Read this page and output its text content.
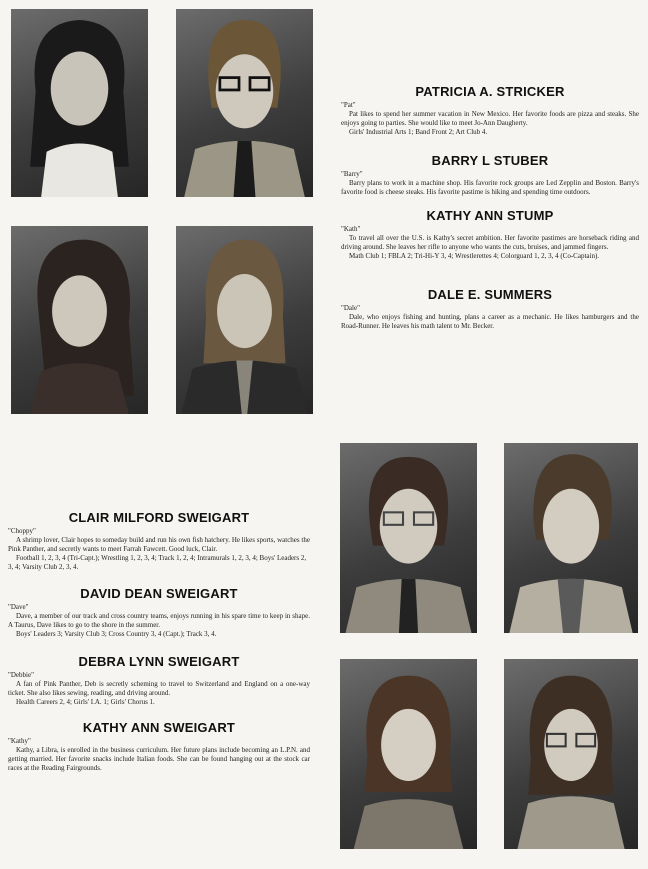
PATRICIA A. STRICKER

"Pat"

Pat likes to spend her summer vacation in New Mexico. Her favorite foods are pizza and steaks. She enjoys going to parties. She would like to meet Jo-Ann Daugherty.

Girls' Industrial Arts 1; Band Front 2; Art Club 4.

BARRY L STUBER

"Barry"

Barry plans to work in a machine shop. His favorite rock groups are Led Zepplin and Boston. Barry's favorite food is cheese steaks. His favorite pastime is hiking and spending time outdoors.

KATHY ANN STUMP

"Kath"

To travel all over the U.S. is Kathy's secret ambition. Her favorite pastimes are horseback riding and driving around. She leaves her rifle to anyone who wants the cuts, bruises, and jammed fingers.

Math Club 1; FBLA 2; Tri-Hi-Y 3, 4; Wrestlerettes 4; Colorguard 1, 2, 3, 4 (Co-Captain).

DALE E. SUMMERS

"Dale"

Dale, who enjoys fishing and hunting, plans a career as a mechanic. He likes hamburgers and the Road-Runner. He leaves his math talent to Mr. Becker.

CLAIR MILFORD SWEIGART

"Choppy"

A shrimp lover, Clair hopes to someday build and run his own fish hatchery. He likes sports, watches the Pink Panther, and secretly wants to meet Farrah Fawcett. Good luck, Clair.

Football 1, 2, 3, 4 (Tri-Capt.); Wrestling 1, 2, 3, 4; Track 1, 2, 4; Intramurals 1, 2, 3, 4; Boys' Leaders 2, 3, 4; Varsity Club 2, 3, 4.

DAVID DEAN SWEIGART

"Dave"

Dave, a member of our track and cross country teams, enjoys running in his spare time to keep in shape. A Taurus, Dave likes to go to the shore in the summer.

Boys' Leaders 3; Varsity Club 3; Cross Country 3, 4 (Capt.); Track 3, 4.

DEBRA LYNN SWEIGART

"Debbie"

A fan of Pink Panther, Deb is secretly scheming to travel to Switzerland and England on a one-way ticket. She also likes sewing, reading, and driving around.

Health Careers 2, 4; Girls' I.A. 1; Girls' Chorus 1.

KATHY ANN SWEIGART

"Kathy"

Kathy, a Libra, is enrolled in the business curriculum. Her future plans include becoming an L.P.N. and getting married. Her favorite snacks include Italian foods. She can be found hanging out at the stock car races at the Reading Fairgrounds.
